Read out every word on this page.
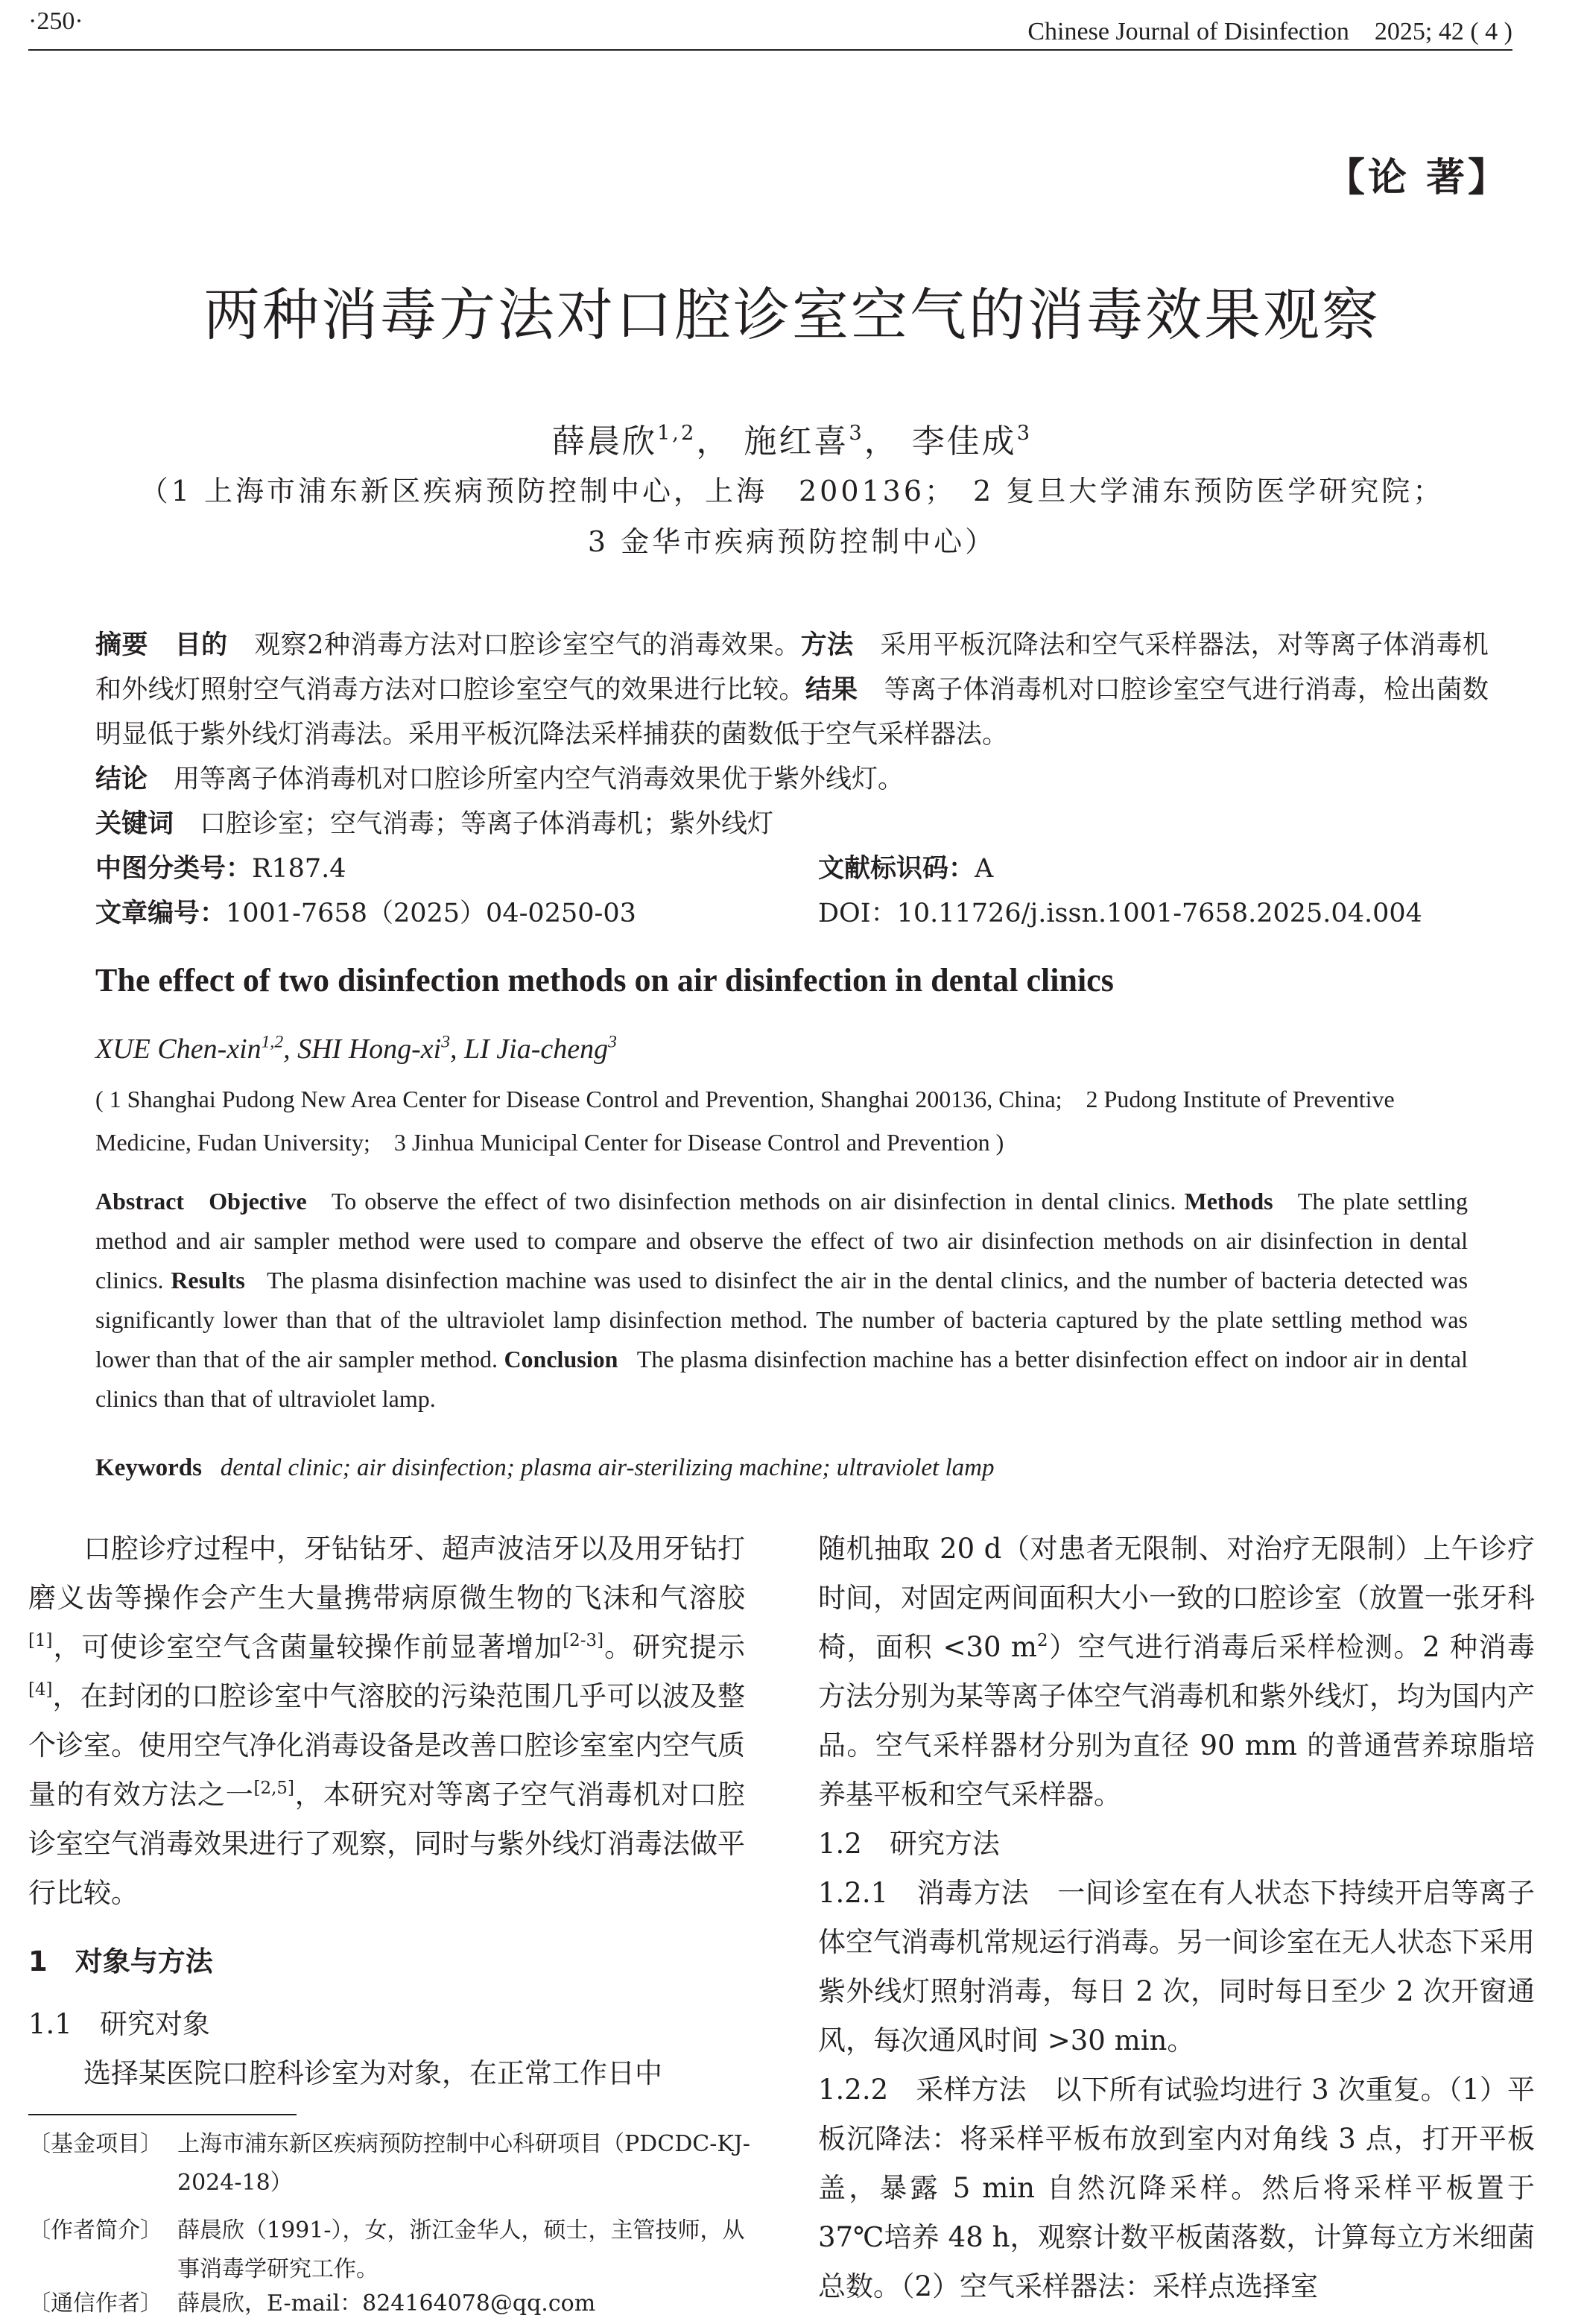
·250·	Chinese Journal of Disinfection　2025; 42 ( 4 )
【论 著】
两种消毒方法对口腔诊室空气的消毒效果观察
薛晨欣$^{1,2}$， 施红喜$^3$， 李佳成$^3$
（1 上海市浦东新区疾病预防控制中心，上海　200136；　2 复旦大学浦东预防医学研究院；
3 金华市疾病预防控制中心）
摘要　 目的　 观察2种消毒方法对口腔诊室空气的消毒效果。方法　 采用平板沉降法和空气采样器法，对等离子体消毒机和外线灯照射空气消毒方法对口腔诊室空气的效果进行比较。结果　 等离子体消毒机对口腔诊室空气进行消毒，检出菌数明显低于紫外线灯消毒法。采用平板沉降法采样捕获的菌数低于空气采样器法。
结论　 用等离子体消毒机对口腔诊所室内空气消毒效果优于紫外线灯。
关键词　 口腔诊室；空气消毒；等离子体消毒机；紫外线灯
中图分类号：R187.4	文献标识码：A
文章编号：1001-7658（2025）04-0250-03	DOI：10.11726/j.issn.1001-7658.2025.04.004
The effect of two disinfection methods on air disinfection in dental clinics
XUE Chen-xin$^{1,2}$, SHI Hong-$xi^3$, LI Jia-cheng$^3$
( 1 Shanghai Pudong New Area Center for Disease Control and Prevention, Shanghai 200136, China;　2 Pudong Institute of Preventive Medicine, Fudan University;　3 Jinhua Municipal Center for Disease Control and Prevention )
Abstract Objective To observe the effect of two disinfection methods on air disinfection in dental clinics. Methods The plate settling method and air sampler method were used to compare and observe the effect of two air disinfection methods on air disinfection in dental clinics. Results The plasma disinfection machine was used to disinfect the air in the dental clinics, and the number of bacteria detected was significantly lower than that of the ultraviolet lamp disinfection method. The number of bacteria captured by the plate settling method was lower than that of the air sampler method. Conclusion The plasma disinfection machine has a better disinfection effect on indoor air in dental clinics than that of ultraviolet lamp.
Keywords dental clinic; air disinfection; plasma air-sterilizing machine; ultraviolet lamp

口腔诊疗过程中，牙钻钻牙、超声波洁牙以及用牙钻打磨义齿等操作会产生大量携带病原微生物的飞沫和气溶胶[1]，可使诊室空气含菌量较操作前显著增加[2-3]。研究提示[4]，在封闭的口腔诊室中气溶胶的污染范围几乎可以波及整个诊室。使用空气净化消毒设备是改善口腔诊室室内空气质量的有效方法之一[2,5]，本研究对等离子空气消毒机对口腔诊室空气消毒效果进行了观察，同时与紫外线灯消毒法做平行比较。

1　对象与方法

1.1　研究对象

选择某医院口腔科诊室为对象，在正常工作日中

随机抽取 20 d（对患者无限制、对治疗无限制）上午诊疗时间，对固定两间面积大小一致的口腔诊室（放置一张牙科椅，面积 <30 $m^2$）空气进行消毒后采样检测。2 种消毒方法分别为某等离子体空气消毒机和紫外线灯，均为国内产品。空气采样器材分别为直径 90 mm 的普通营养琼脂培养基平板和空气采样器。

1.2　研究方法

1.2.1　消毒方法　一间诊室在有人状态下持续开启等离子体空气消毒机常规运行消毒。另一间诊室在无人状态下采用紫外线灯照射消毒，每日 2 次，同时每日至少 2 次开窗通风，每次通风时间 >30 min。

1.2.2　采样方法　以下所有试验均进行 3 次重复。（1）平板沉降法：将采样平板布放到室内对角线 3 点，打开平板盖，暴露 5 min 自然沉降采样。然后将采样平板置于 37℃培养 48 h，观察计数平板菌落数，计算每立方米细菌总数。（2）空气采样器法：采样点选择室

〔基金项目〕 上海市浦东新区疾病预防控制中心科研项目（PDCDC-KJ-2024-18）
〔作者简介〕 薛晨欣（1991-），女，浙江金华人，硕士，主管技师，从事消毒学研究工作。
〔通信作者〕 薛晨欣，E-mail：824164078@qq.com
